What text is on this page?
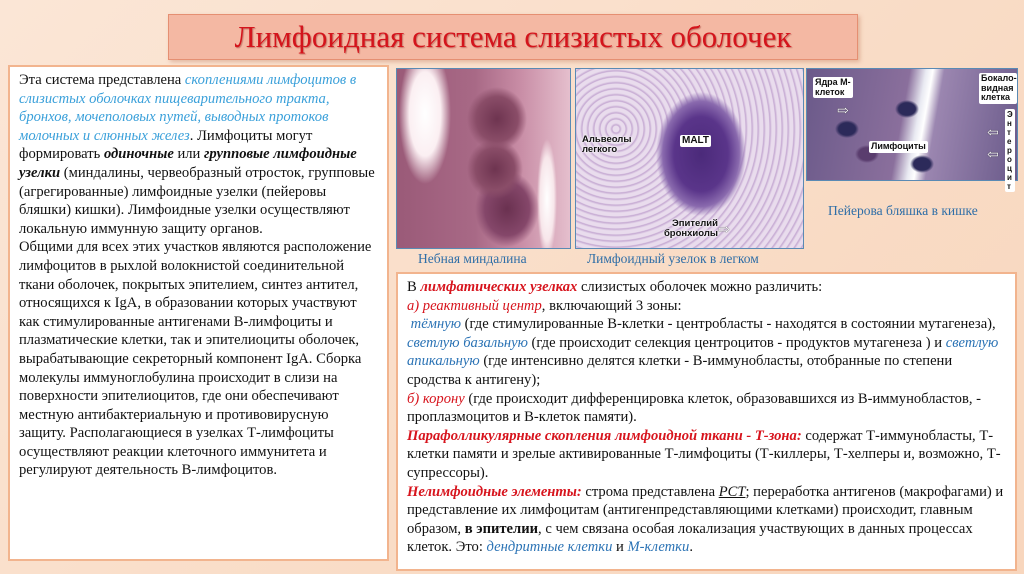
Лимфоидная система слизистых оболочек

Эта система представлена скоплениями лимфоцитов в слизистых оболочках пищеварительного тракта, бронхов, мочеполовых путей, выводных протоков молочных и слюнных желез. Лимфоциты могут формировать одиночные или групповые лимфоидные узелки (миндалины, червеобразный отросток, групповые (агрегированные) лимфоидные узелки (пейеровы бляшки) кишки). Лимфоидные узелки осуществляют локальную иммунную защиту органов.

Общими для всех этих участков являются расположение лимфоцитов в рыхлой волокнистой соединительной ткани оболочек, покрытых эпителием, синтез антител, относящихся к IgA, в образовании которых участвуют как стимулированные антигенами В-лимфоциты и плазматические клетки, так и эпителиоциты оболочек, вырабатывающие секреторный компонент IgA. Сборка молекулы иммуноглобулина происходит в слизи на поверхности эпителиоцитов, где они обеспечивают местную антибактериальную и противовирусную защиту. Располагающиеся в узелках Т-лимфоциты осуществляют реакции клеточного иммунитета и регулируют деятельность В-лимфоцитов.

Небная миндалина
Альвеолы легкого
MALT
Эпителий бронхиолы ⇨
Лимфоидный узелок в легком
Ядра М-клеток
Лимфоциты
Бокало-видная клетка
Энтероцит
⇦
⇦
⇨
Пейерова бляшка в кишке

В лимфатических узелках слизистых оболочек можно различить:

а) реактивный центр, включающий 3 зоны:

тёмную (где стимулированные В-клетки - центробласты - находятся в состоянии мутагенеза), светлую базальную (где происходит селекция центроцитов - продуктов мутагенеза ) и светлую апикальную (где интенсивно делятся клетки - В-иммунобласты, отобранные по степени сродства к антигену);

б) корону (где происходит дифференцировка клеток, образовавшихся из В-иммунобластов, - проплазмоцитов и В-клеток памяти).

Парафолликулярные скопления лимфоидной ткани - Т-зона: содержат Т-иммунобласты, Т-клетки памяти и зрелые активированные Т-лимфоциты (Т-киллеры, Т-хелперы и, возможно, Т-супрессоры).

Нелимфоидные элементы: строма представлена РСТ; переработка антигенов (макрофагами) и представление их лимфоцитам (антигенпредставляющими клетками) происходит, главным образом, в эпителии, с чем связана особая локализация участвующих в данных процессах клеток. Это: дендритные клетки и М-клетки.
